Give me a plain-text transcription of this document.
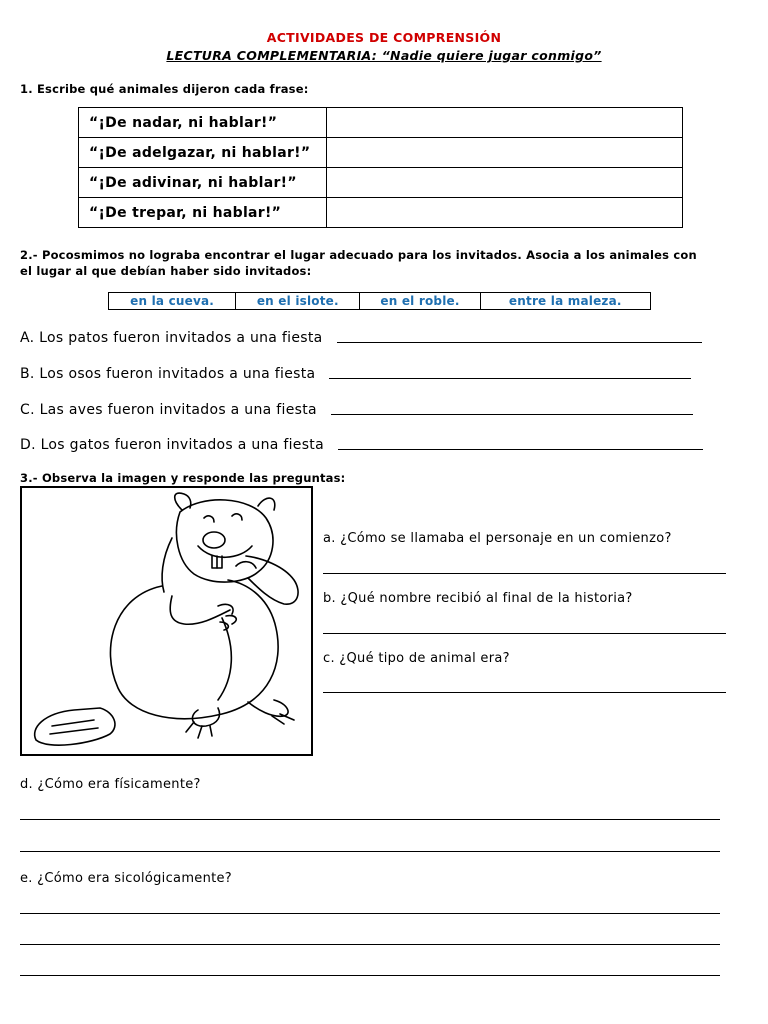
ACTIVIDADES DE COMPRENSIÓN
LECTURA COMPLEMENTARIA: “Nadie quiere jugar conmigo”
1. Escribe qué animales dijeron cada frase:
“¡De nadar, ni hablar!”	
“¡De adelgazar, ni hablar!”	
“¡De adivinar, ni hablar!”	
“¡De trepar, ni hablar!”	
2.- Pocosmimos no lograba encontrar el lugar adecuado para los invitados. Asocia a los animales con
el lugar al que debían haber sido invitados:
en la cueva.	en el islote.	en el roble.	entre la maleza.
A. Los patos fueron invitados a una fiesta
B. Los osos fueron invitados a una fiesta
C. Las aves fueron invitados a una fiesta
D. Los gatos fueron invitados a una fiesta
3.- Observa la imagen y responde las preguntas:
a. ¿Cómo se llamaba el personaje en un comienzo?
b. ¿Qué nombre recibió al final de la historia?
c. ¿Qué tipo de animal era?
d. ¿Cómo era físicamente?
e. ¿Cómo era sicológicamente?
